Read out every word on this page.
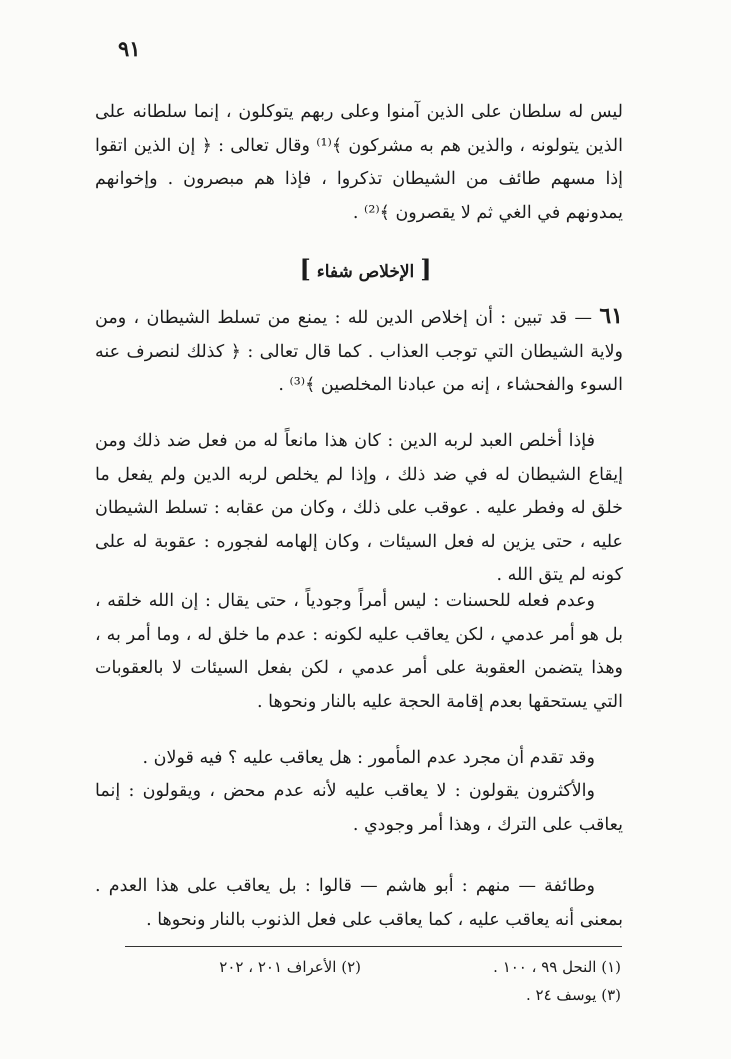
٩١

ليس له سلطان على الذين آمنوا وعلى ربهم يتوكلون ، إنما سلطانه على الذين يتولونه ، والذين هم به مشركون ﴾⁽¹⁾ وقال تعالى : ﴿ إن الذين اتقوا إذا مسهم طائف من الشيطان تذكروا ، فإذا هم مبصرون . وإخوانهم يمدونهم في الغي ثم لا يقصرون ﴾⁽²⁾ .

[ الإخلاص شفاء ]

٦١ — قد تبين : أن إخلاص الدين لله : يمنع من تسلط الشيطان ، ومن ولاية الشيطان التي توجب العذاب . كما قال تعالى : ﴿ كذلك لنصرف عنه السوء والفحشاء ، إنه من عبادنا المخلصين ﴾⁽³⁾ .

فإذا أخلص العبد لربه الدين : كان هذا مانعاً له من فعل ضد ذلك ومن إيقاع الشيطان له في ضد ذلك ، وإذا لم يخلص لربه الدين ولم يفعل ما خلق له وفطر عليه . عوقب على ذلك ، وكان من عقابه : تسلط الشيطان عليه ، حتى يزين له فعل السيئات ، وكان إلهامه لفجوره : عقوبة له على كونه لم يتق الله .

وعدم فعله للحسنات : ليس أمراً وجودياً ، حتى يقال : إن الله خلقه ، بل هو أمر عدمي ، لكن يعاقب عليه لكونه : عدم ما خلق له ، وما أمر به ، وهذا يتضمن العقوبة على أمر عدمي ، لكن بفعل السيئات لا بالعقوبات التي يستحقها بعدم إقامة الحجة عليه بالنار ونحوها .

وقد تقدم أن مجرد عدم المأمور : هل يعاقب عليه ؟ فيه قولان .

والأكثرون يقولون : لا يعاقب عليه لأنه عدم محض ، ويقولون : إنما يعاقب على الترك ، وهذا أمر وجودي .

وطائفة — منهم : أبو هاشم — قالوا : بل يعاقب على هذا العدم . بمعنى أنه يعاقب عليه ، كما يعاقب على فعل الذنوب بالنار ونحوها .

(١) النحل ٩٩ ، ١٠٠ .
(٢) الأعراف ٢٠١ ، ٢٠٢
(٣) يوسف ٢٤ .
